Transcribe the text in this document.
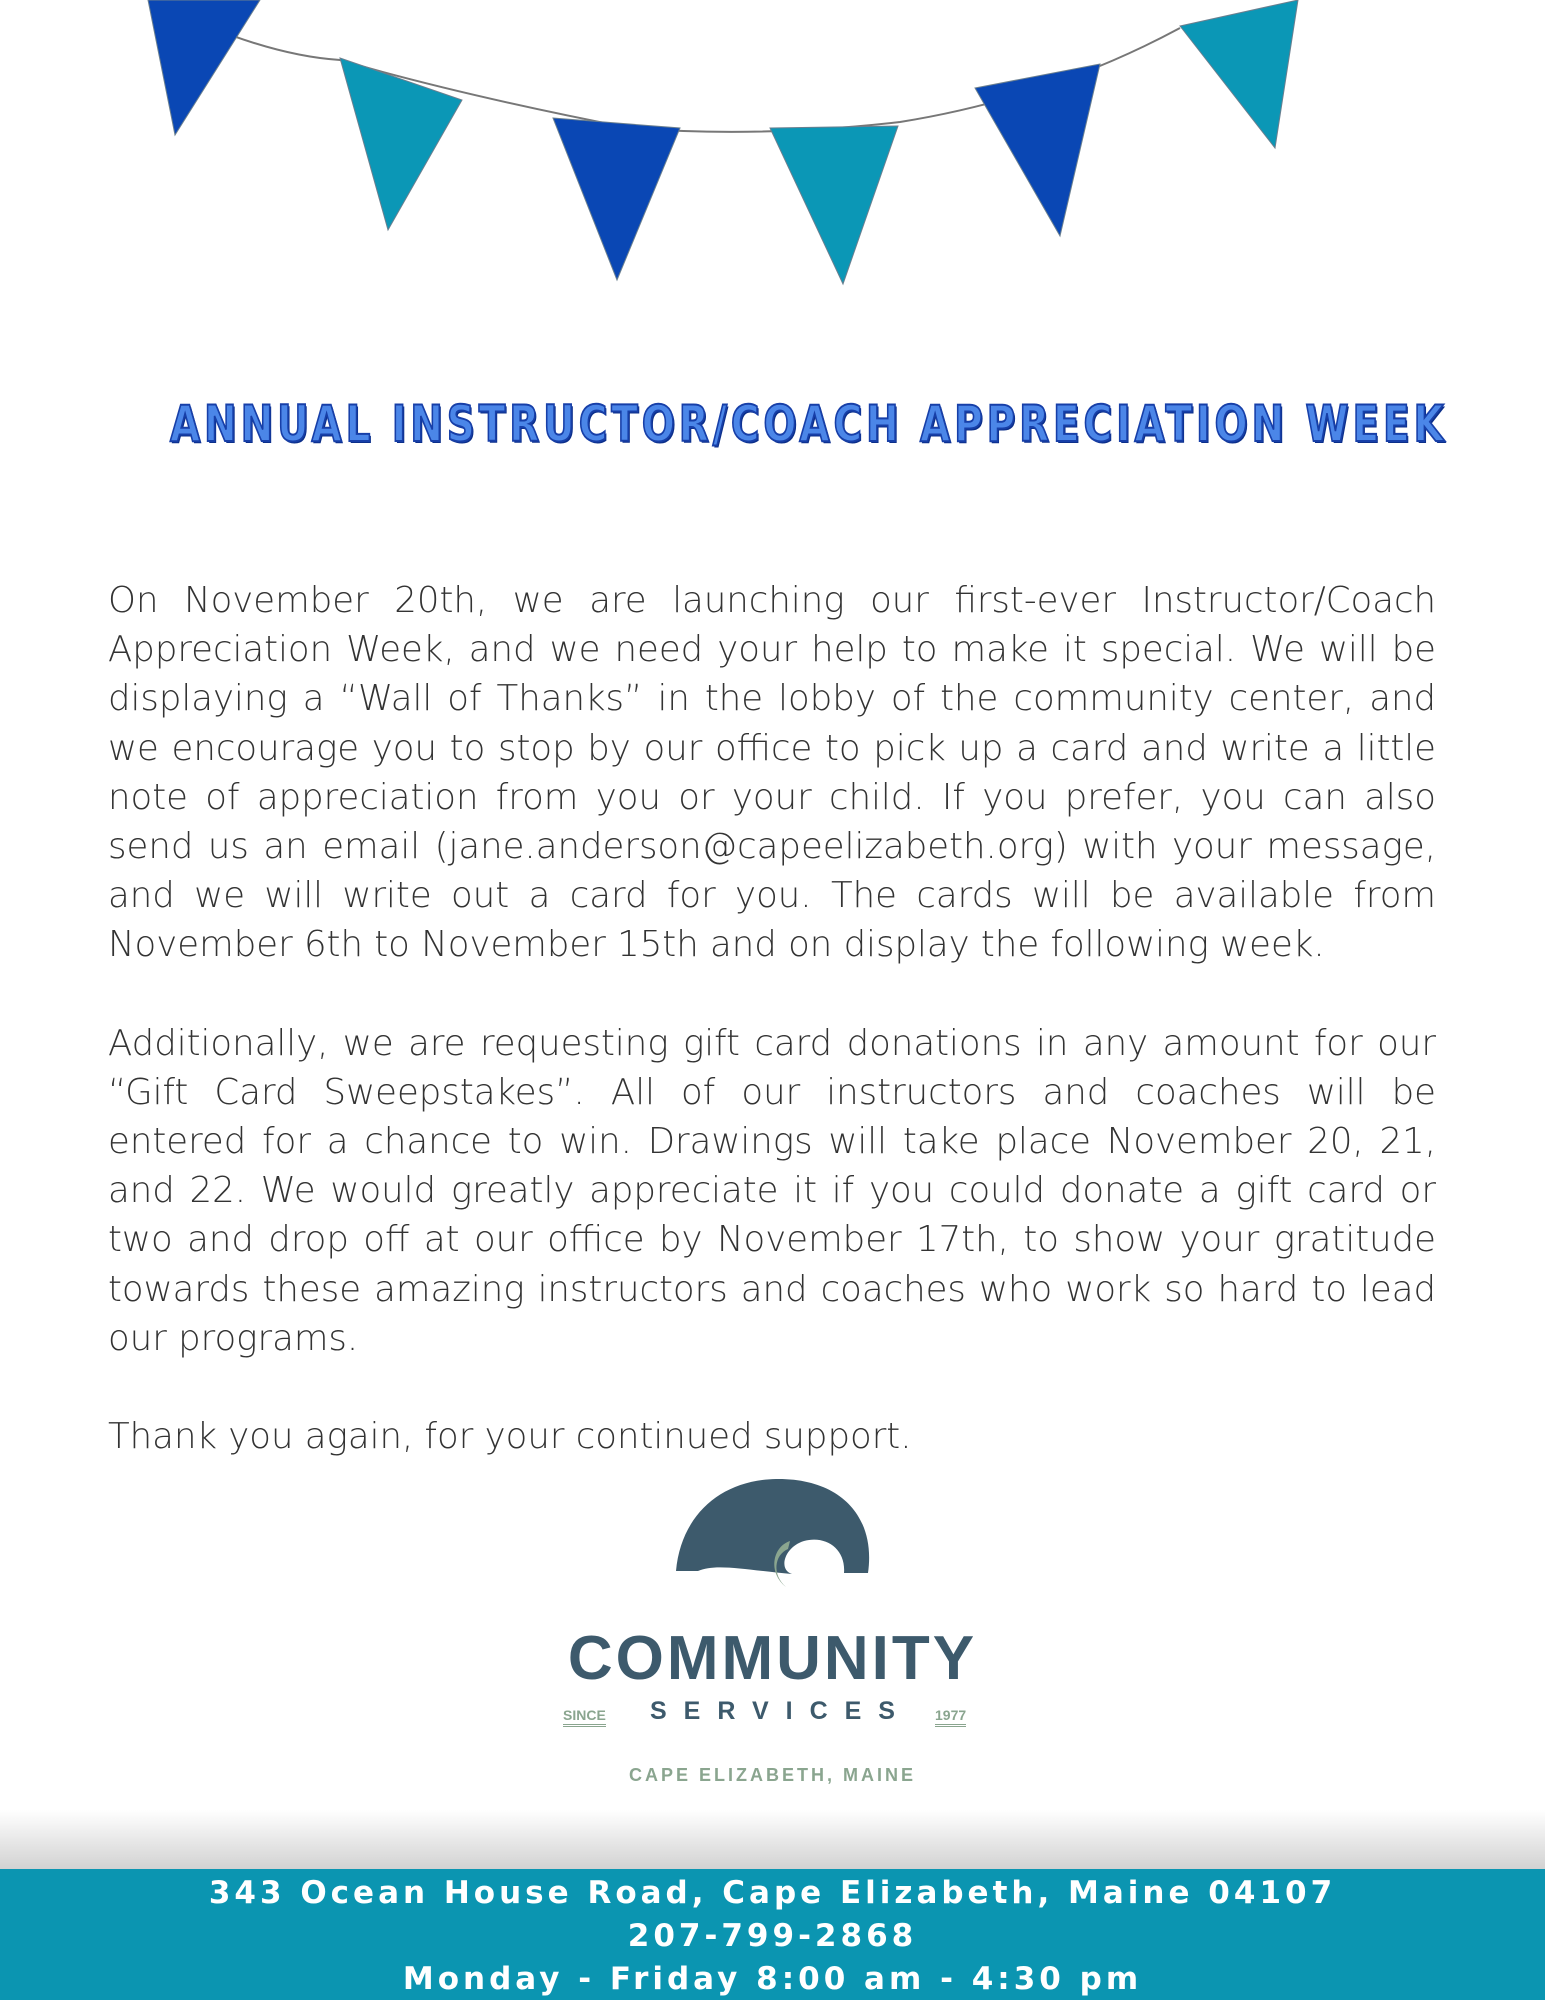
ANNUAL INSTRUCTOR/COACH APPRECIATION WEEK

On November 20th, we are launching our first-ever Instructor/Coach Appreciation Week, and we need your help to make it special. We will be displaying a “Wall of Thanks” in the lobby of the community center, and we encourage you to stop by our office to pick up a card and write a little note of appreciation from you or your child. If you prefer, you can also send us an email (jane.anderson@capeelizabeth.org) with your message, and we will write out a card for you. The cards will be available from November 6th to November 15th and on display the following week.

Additionally, we are requesting gift card donations in any amount for our “Gift Card Sweepstakes”. All of our instructors and coaches will be entered for a chance to win. Drawings will take place November 20, 21, and 22. We would greatly appreciate it if you could donate a gift card or two and drop off at our office by November 17th, to show your gratitude towards these amazing instructors and coaches who work so hard to lead our programs.

Thank you again, for your continued support.

COMMUNITY
SINCE	SERVICES	1977
CAPE ELIZABETH, MAINE
343 Ocean House Road, Cape Elizabeth, Maine 04107
207-799-2868
Monday - Friday 8:00 am - 4:30 pm
